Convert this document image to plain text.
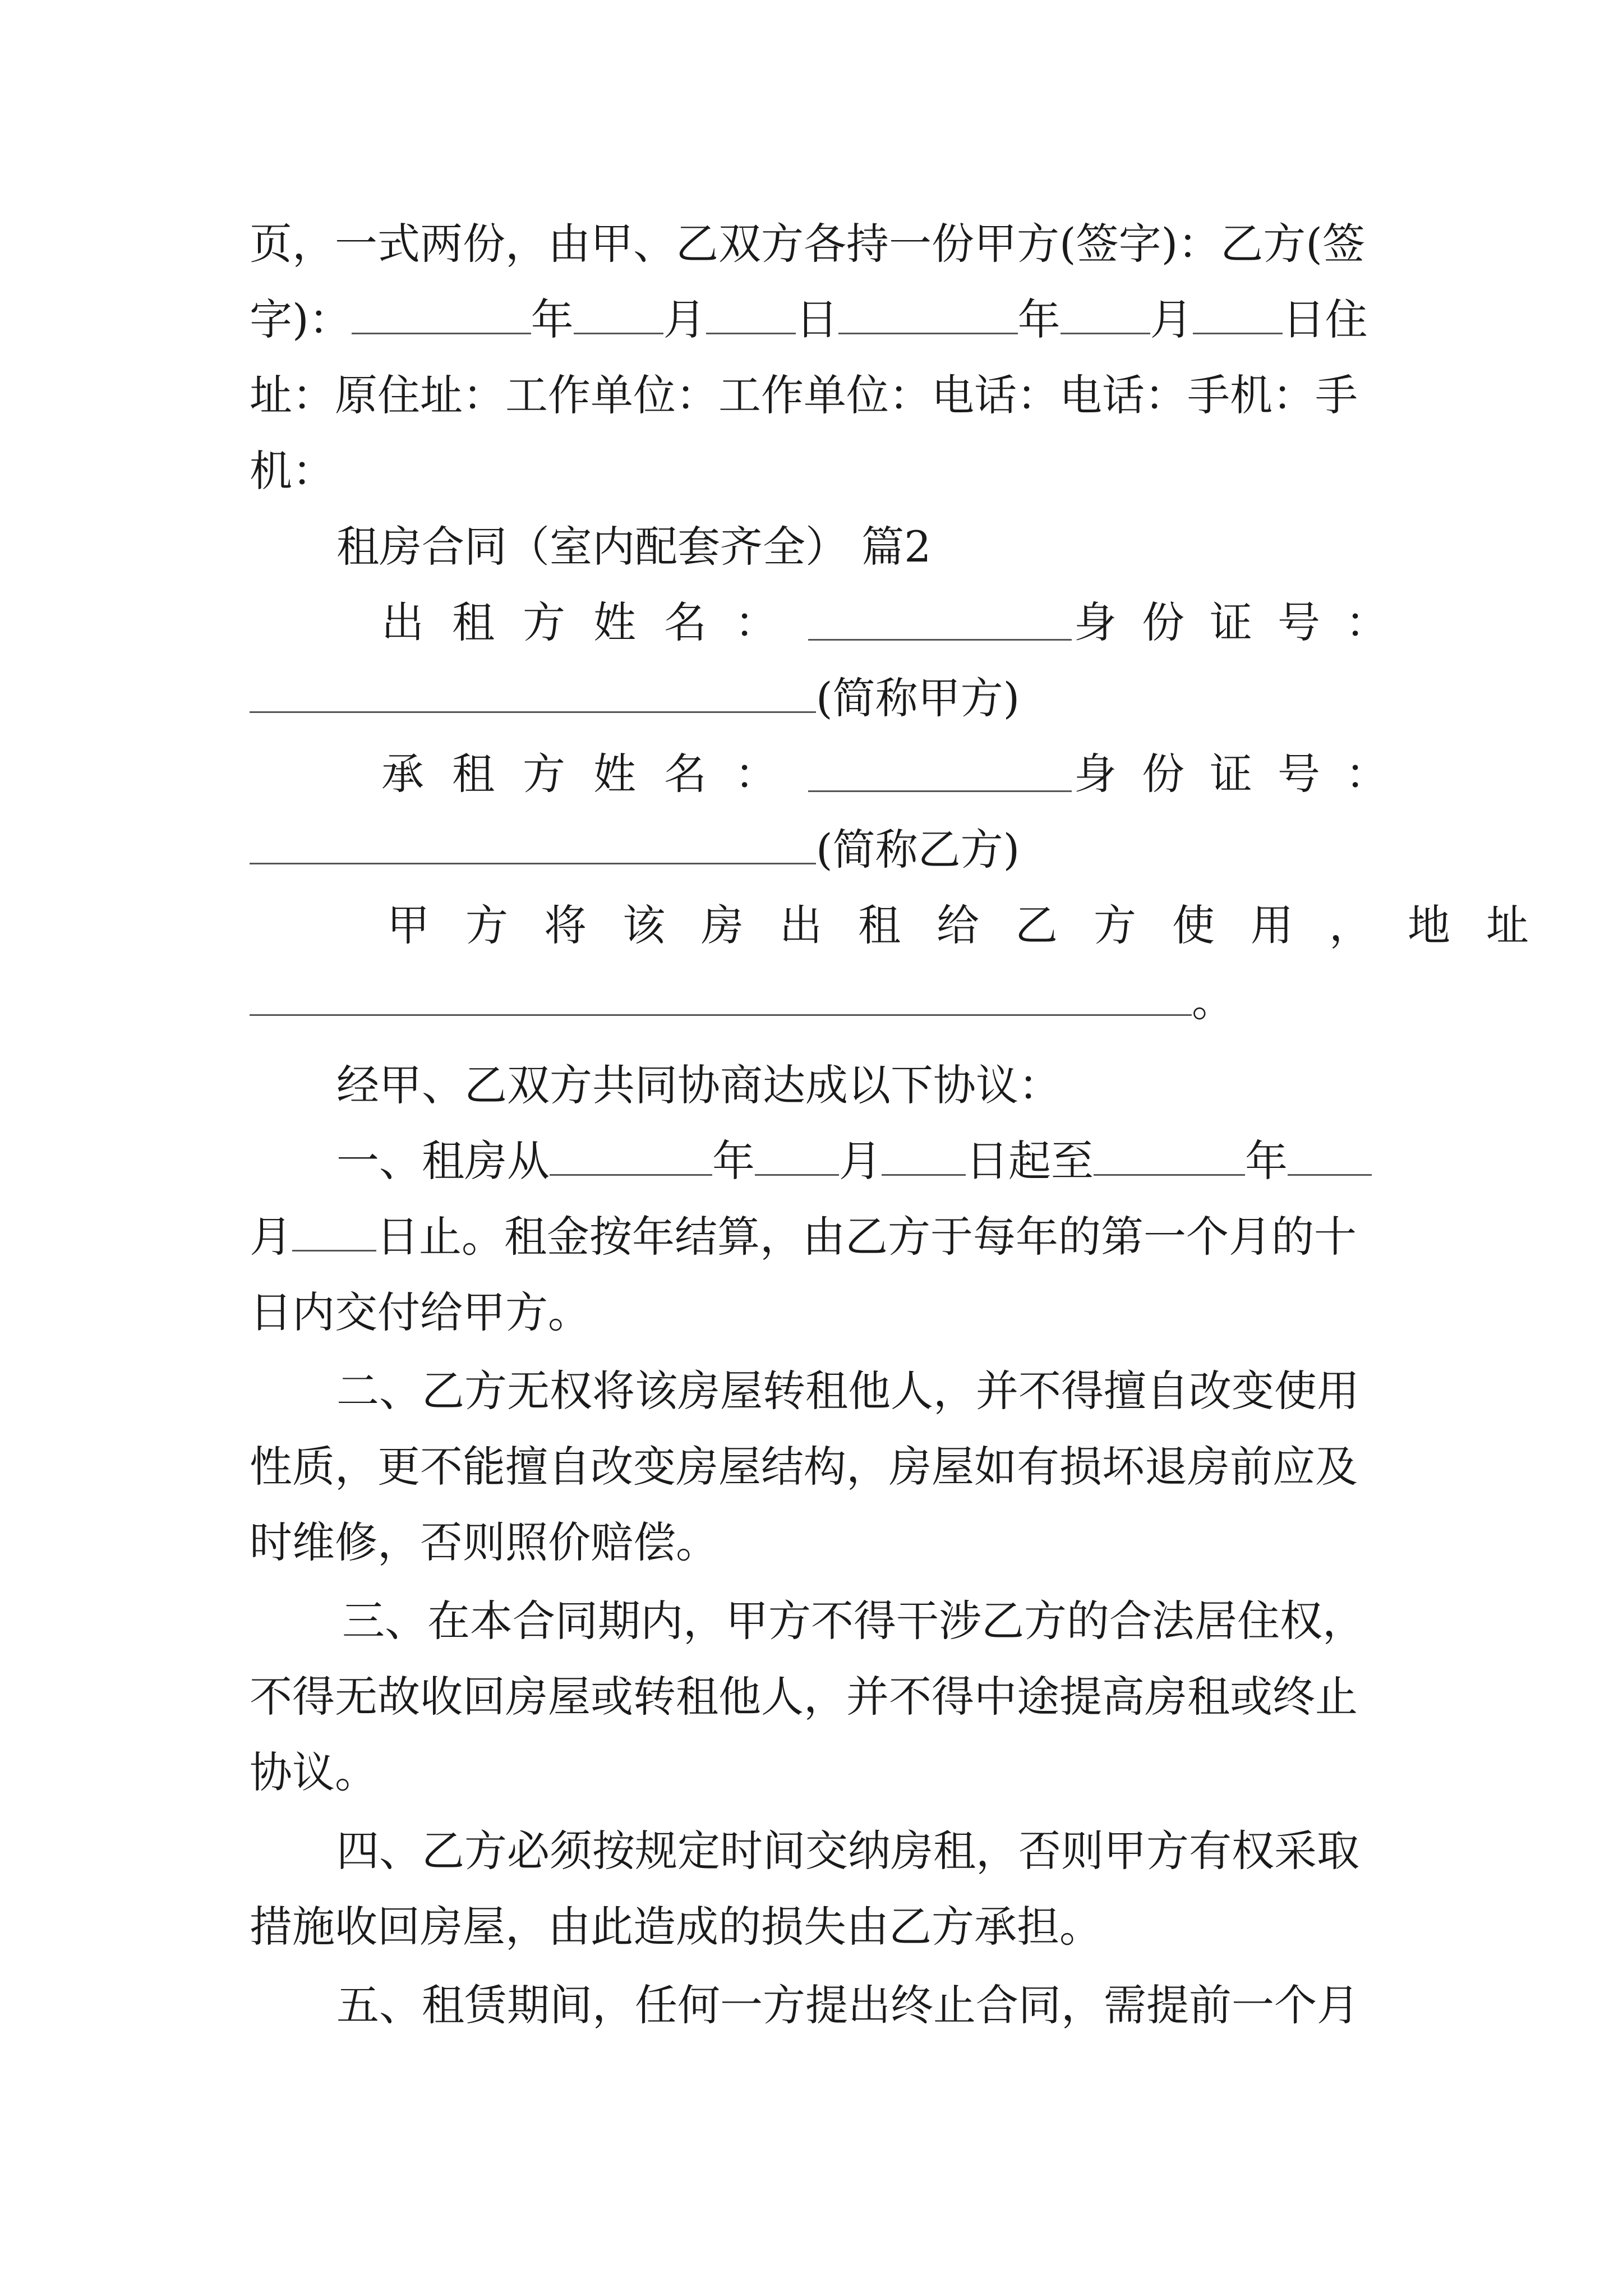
页，一式两份，由甲、乙双方各持一份甲方(签字)：乙方(签
字)：	年 月 日	年 月 日住
址：原住址：工作单位：工作单位：电话：电话：手机：手
机：
租房合同（室内配套齐全） 篇2
出租方姓名：	身份证号：
(简称甲方)
承租方姓名：	身份证号：
(简称乙方)
甲方将该房出租给乙方使用，地址
。
经甲、乙双方共同协商达成以下协议：
一、租房从	年 月 日起至	年
月 日止。租金按年结算，由乙方于每年的第一个月的十
日内交付给甲方。
二、乙方无权将该房屋转租他人，并不得擅自改变使用
性质，更不能擅自改变房屋结构，房屋如有损坏退房前应及
时维修，否则照价赔偿。
三、在本合同期内，甲方不得干涉乙方的合法居住权，
不得无故收回房屋或转租他人，并不得中途提高房租或终止
协议。
四、乙方必须按规定时间交纳房租，否则甲方有权采取
措施收回房屋，由此造成的损失由乙方承担。
五、租赁期间，任何一方提出终止合同，需提前一个月
